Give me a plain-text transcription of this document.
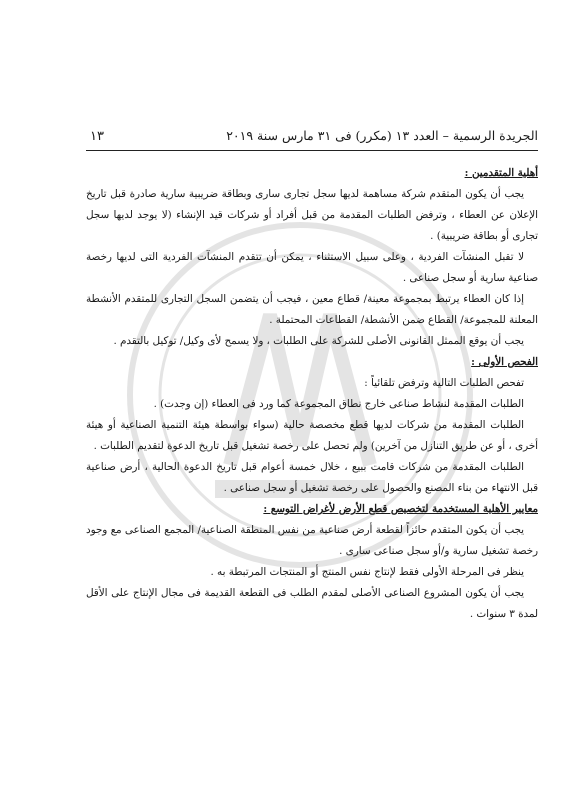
الجريدة الرسمية – العدد ١٣ (مكرر) فى ٣١ مارس سنة ٢٠١٩
١٣

أهلية المتقدمين :

يجب أن يكون المتقدم شركة مساهمة لديها سجل تجارى سارى وبطاقة ضريبية سارية صادرة قبل تاريخ الإعلان عن العطاء ، وترفض الطلبات المقدمة من قبل أفراد أو شركات قيد الإنشاء (لا يوجد لديها سجل تجارى أو بطاقة ضريبية) .

لا تقبل المنشآت الفردية ، وعلى سبيل الاستثناء ، يمكن أن تتقدم المنشآت الفردية التى لديها رخصة صناعية سارية أو سجل صناعى .

إذا كان العطاء يرتبط بمجموعة معينة/ قطاع معين ، فيجب أن يتضمن السجل التجارى للمتقدم الأنشطة المعلنة للمجموعة/ القطاع ضمن الأنشطة/ القطاعات المحتملة .

يجب أن يوقع الممثل القانونى الأصلى للشركة على الطلبات ، ولا يسمح لأى وكيل/ توكيل بالتقدم .

الفحص الأولى :

تفحص الطلبات التالية وترفض تلقائياً :

الطلبات المقدمة لنشاط صناعى خارج نطاق المجموعة كما ورد فى العطاء (إن وجدت) .

الطلبات المقدمة من شركات لديها قطع مخصصة حالية (سواء بواسطة هيئة التنمية الصناعية أو هيئة أخرى ، أو عن طريق التنازل من آخرين) ولم تحصل على رخصة تشغيل قبل تاريخ الدعوة لتقديم الطلبات .

الطلبات المقدمة من شركات قامت ببيع ، خلال خمسة أعوام قبل تاريخ الدعوة الحالية ، أرض صناعية قبل الانتهاء من بناء المصنع والحصول على رخصة تشغيل أو سجل صناعى .

معايير الأهلية المستخدمة لتخصيص قطع الأرض لأغراض التوسع :

يجب أن يكون المتقدم حائزاً لقطعة أرض صناعية من نفس المنطقة الصناعية/ المجمع الصناعى مع وجود رخصة تشغيل سارية و/أو سجل صناعى سارى .

ينظر فى المرحلة الأولى فقط لإنتاج نفس المنتج أو المنتجات المرتبطة به .

يجب أن يكون المشروع الصناعى الأصلى لمقدم الطلب فى القطعة القديمة فى مجال الإنتاج على الأقل لمدة ٣ سنوات .
